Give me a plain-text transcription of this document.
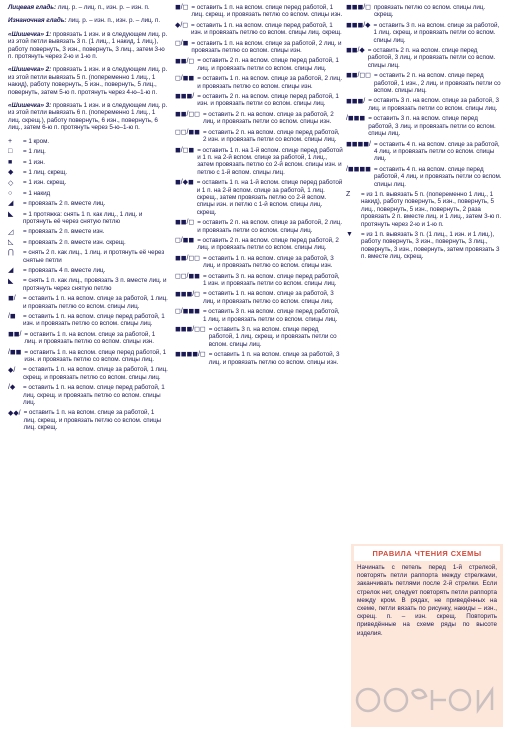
Лицевая гладь: лиц. р. – лиц. п., изн. р. – изн. п.
Изнаночная гладь: лиц. р. – изн. п., изн. р. – лиц. п.
«Шишечка» 1: провязать 1 изн. и в следующем лиц. р. из этой петли вывязать 3 п. (1 лиц., 1 накид, 1 лиц.), работу повернуть, 3 изн., повернуть, 3 лиц., затем 3-ю п. протянуть через 2-ю и 1-ю п.
«Шишечка» 2: провязать 1 изн. и в следующем лиц. р. из этой петли вывязать 5 п. (попеременно 1 лиц., 1 накид), работу повернуть, 5 изн., повернуть, 5 лиц., повернуть, затем 5-ю п. протянуть через 4-ю–1-ю п.
«Шишечка» 3: провязать 1 изн. и в следующем лиц. р. из этой петли вывязать 6 п. (попеременно 1 лиц., 1 лиц. скрещ.), работу повернуть, 6 изн., повернуть, 6 лиц., затем 6-ю п. протянуть через 5-ю–1-ю п.
+	= 1 кром.
□	= 1 лиц.
■	= 1 изн.
◆	= 1 лиц. скрещ.
◇	= 1 изн. скрещ.
○	= 1 накид
◢	= провязать 2 п. вместе лиц.
◣	= 1 протяжка: снять 1 п. как лиц., 1 лиц. и протянуть её через снятую петлю
◿	= провязать 2 п. вместе изн.
◺	= провязать 2 п. вместе изн. скрещ.
⋂	= снять 2 п. как лиц., 1 лиц. и протянуть её через снятые петли
◢	= провязать 4 п. вместе лиц.
◣	= снять 1 п. как лиц., провязать 3 п. вместе лиц. и протянуть через снятую петлю
◼/	= оставить 1 п. на вспом. спице за работой, 1 лиц. и провязать петлю со вспом. спицы лиц.
/◼	= оставить 1 п. на вспом. спице перед работой, 1 изн. и провязать петлю со вспом. спицы лиц.
◼◼/ = оставить 1 п. на вспом. спице за работой, 1 лиц. и провязать петлю со вспом. спицы изн.
/◼◼ = оставить 1 п. на вспом. спице перед работой, 1 изн. и провязать петлю со вспом. спицы лиц.
◆/	= оставить 1 п. на вспом. спице за работой, 1 лиц. скрещ. и провязать петлю со вспом. спицы лиц.
/◆	= оставить 1 п. на вспом. спице перед работой, 1 лиц. скрещ. и провязать петлю со вспом. спицы лиц.
◆◆/ = оставить 1 п. на вспом. спице за работой, 1 лиц. скрещ. и провязать петлю со вспом. спицы лиц. скрещ.
◼/◻ = оставить 1 п. на вспом. спице перед работой, 1 лиц. скрещ. и провязать петлю со вспом. спицы изн.
◆/◻ = оставить 1 п. на вспом. спице перед работой, 1 изн. и провязать петлю со вспом. спицы лиц. скрещ.
◻/◼ = оставить 1 п. на вспом. спице за работой, 2 лиц. и провязать петлю со вспом. спицы изн.
◼◼/◻ = оставить 2 п. на вспом. спице перед работой, 1 лиц. и провязать петли со вспом. спицы лиц.
◻/◼◼ = оставить 1 п. на вспом. спице за работой, 2 лиц. и провязать петлю со вспом. спицы изн.
◼◼◼/ = оставить 2 п. на вспом. спице перед работой, 1 изн. и провязать петли со вспом. спицы лиц.
◼◼/◻◻ = оставить 2 п. на вспом. спице за работой, 2 лиц. и провязать петли со вспом. спицы изн.
◻◻/◼◼ = оставить 2 п. на вспом. спице перед работой, 2 изн. и провязать петли со вспом. спицы лиц.
◼/◻◼ = оставить 1 п. на 1-й вспом. спице перед работой и 1 п. на 2-й вспом. спице за работой, 1 лиц., затем провязать петлю со 2-й вспом. спицы изн. и петлю с 1-й вспом. спицы лиц.
◼/◆◼ = оставить 1 п. на 1-й вспом. спице перед работой и 1 п. на 2-й вспом. спице за работой, 1 лиц. скрещ., затем провязать петлю со 2-й вспом. спицы изн. и петлю с 1-й вспом. спицы лиц. скрещ.
◼◼/◻ = оставить 2 п. на вспом. спице за работой, 2 лиц. и провязать петли со вспом. спицы лиц.
◻/◼◼ = оставить 2 п. на вспом. спице перед работой, 2 лиц. и провязать петли со вспом. спицы лиц.
◼◼/◻◻ = оставить 1 п. на вспом. спице за работой, 3 лиц. и провязать петлю со вспом. спицы изн.
◻◻/◼◼ = оставить 3 п. на вспом. спице перед работой, 1 изн. и провязать петли со вспом. спицы лиц.
◼◼◼/◻ = оставить 1 п. на вспом. спице за работой, 3 лиц. и провязать петлю со вспом. спицы лиц.
◻/◼◼◼ = оставить 3 п. на вспом. спице перед работой, 1 лиц. и провязать петли со вспом. спицы лиц.
◼◼◼/◻◻ = оставить 3 п. на вспом. спице перед работой, 1 лиц. скрещ. и провязать петли со вспом. спицы лиц.
◼◼◼◼/◻ = оставить 1 п. на вспом. спице за работой, 3 лиц. и провязать петлю со вспом. спицы изн.
◼◼◼/◻ провязать петлю со вспом. спицы лиц. скрещ.
◼◼◼/◆ = оставить 3 п. на вспом. спице за работой, 1 лиц. скрещ. и провязать петли со вспом. спицы лиц.
◼◼/◆ = оставить 2 п. на вспом. спице перед работой, 3 лиц. и провязать петли со вспом. спицы лиц.
◼◼/◻◻ = оставить 2 п. на вспом. спице перед работой, 1 изн., 2 лиц. и провязать петли со вспом. спицы лиц.
◼◼◼/ = оставить 3 п. на вспом. спице за работой, 3 лиц. и провязать петли со вспом. спицы лиц.
/◼◼◼ = оставить 3 п. на вспом. спице перед работой, 3 лиц. и провязать петли со вспом. спицы лиц.
◼◼◼◼/ = оставить 4 п. на вспом. спице за работой, 4 лиц. и провязать петли со вспом. спицы лиц.
/◼◼◼◼ = оставить 4 п. на вспом. спице перед работой, 4 лиц. и провязать петли со вспом. спицы лиц.
Z	= из 1 п. вывязать 5 п. (попеременно 1 лиц., 1 накид), работу повернуть, 5 изн., повернуть, 5 лиц., повернуть, 5 изн., повернуть, 2 раза провязать 2 п. вместе лиц. и 1 лиц., затем 3-ю п. протянуть через 2-ю и 1-ю п.
▼	= из 1 п. вывязать 3 п. (1 лиц., 1 изн. и 1 лиц.), работу повернуть, 3 изн., повернуть, 3 лиц., повернуть, 3 изн., повернуть, затем провязать 3 п. вместе лиц. скрещ.
ПРАВИЛА ЧТЕНИЯ СХЕМЫ
Начинать с петель перед 1-й стрелкой, повторять петли раппорта между стрелками, заканчивать петлями после 2-й стрелки. Если стрелок нет, следует повторять петли раппорта между кром. В рядах, не приведённых на схеме, петли вязать по рисунку, накиды – изн., скрещ. п. – изн. скрещ. Повторить приведённые на схеме ряды по высоте изделия.
